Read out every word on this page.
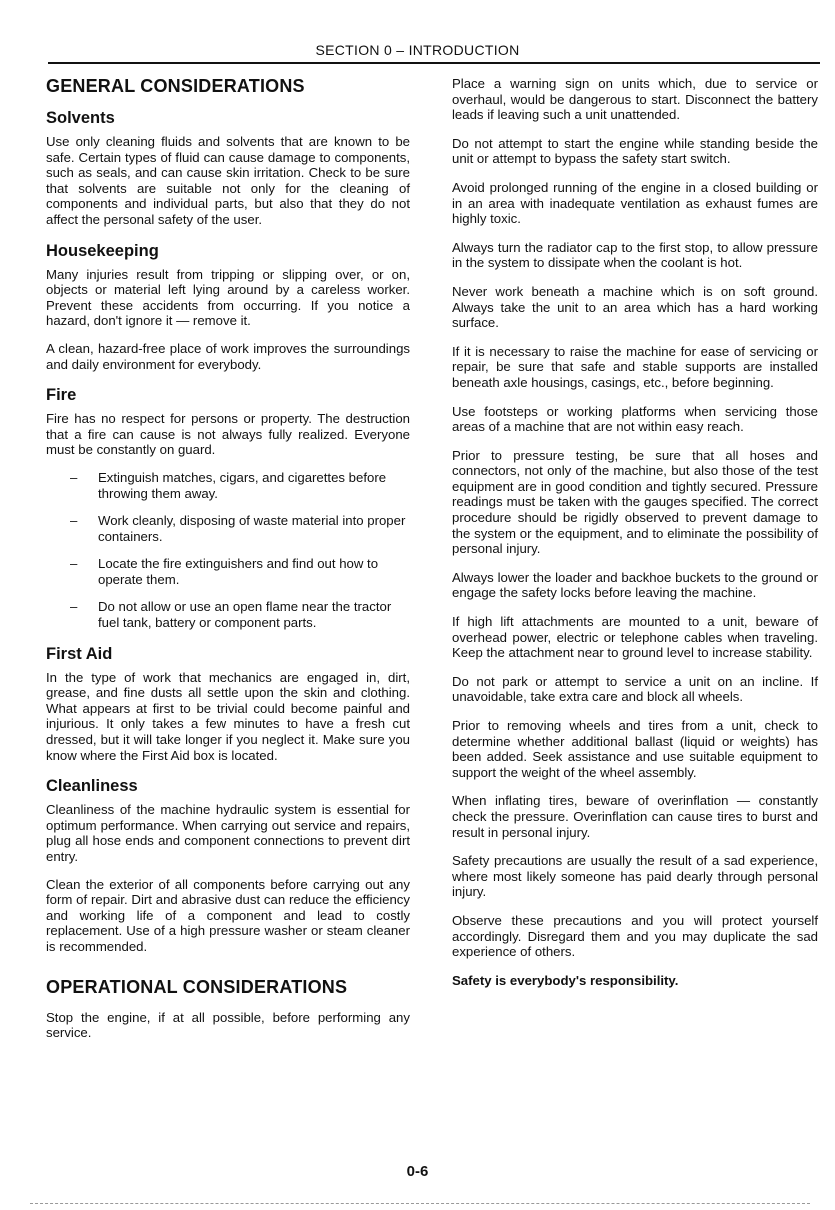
SECTION 0 – INTRODUCTION
GENERAL CONSIDERATIONS
Solvents

Use only cleaning fluids and solvents that are known to be safe. Certain types of fluid can cause damage to components, such as seals, and can cause skin irritation. Check to be sure that solvents are suitable not only for the cleaning of components and individual parts, but also that they do not affect the personal safety of the user.

Housekeeping

Many injuries result from tripping or slipping over, or on, objects or material left lying around by a careless worker. Prevent these accidents from occurring. If you notice a hazard, don't ignore it — remove it.

A clean, hazard-free place of work improves the surroundings and daily environment for everybody.

Fire

Fire has no respect for persons or property. The destruction that a fire can cause is not always fully realized. Everyone must be constantly on guard.

– Extinguish matches, cigars, and cigarettes before throwing them away.
– Work cleanly, disposing of waste material into proper containers.
– Locate the fire extinguishers and find out how to operate them.
– Do not allow or use an open flame near the tractor fuel tank, battery or component parts.
First Aid

In the type of work that mechanics are engaged in, dirt, grease, and fine dusts all settle upon the skin and clothing. What appears at first to be trivial could become painful and injurious. It only takes a few minutes to have a fresh cut dressed, but it will take longer if you neglect it. Make sure you know where the First Aid box is located.

Cleanliness

Cleanliness of the machine hydraulic system is essential for optimum performance. When carrying out service and repairs, plug all hose ends and component connections to prevent dirt entry.

Clean the exterior of all components before carrying out any form of repair. Dirt and abrasive dust can reduce the efficiency and working life of a component and lead to costly replacement. Use of a high pressure washer or steam cleaner is recommended.

OPERATIONAL CONSIDERATIONS

Stop the engine, if at all possible, before performing any service.

Place a warning sign on units which, due to service or overhaul, would be dangerous to start. Disconnect the battery leads if leaving such a unit unattended.

Do not attempt to start the engine while standing beside the unit or attempt to bypass the safety start switch.

Avoid prolonged running of the engine in a closed building or in an area with inadequate ventilation as exhaust fumes are highly toxic.

Always turn the radiator cap to the first stop, to allow pressure in the system to dissipate when the coolant is hot.

Never work beneath a machine which is on soft ground. Always take the unit to an area which has a hard working surface.

If it is necessary to raise the machine for ease of servicing or repair, be sure that safe and stable supports are installed beneath axle housings, casings, etc., before beginning.

Use footsteps or working platforms when servicing those areas of a machine that are not within easy reach.

Prior to pressure testing, be sure that all hoses and connectors, not only of the machine, but also those of the test equipment are in good condition and tightly secured. Pressure readings must be taken with the gauges specified. The correct procedure should be rigidly observed to prevent damage to the system or the equipment, and to eliminate the possibility of personal injury.

Always lower the loader and backhoe buckets to the ground or engage the safety locks before leaving the machine.

If high lift attachments are mounted to a unit, beware of overhead power, electric or telephone cables when traveling. Keep the attachment near to ground level to increase stability.

Do not park or attempt to service a unit on an incline. If unavoidable, take extra care and block all wheels.

Prior to removing wheels and tires from a unit, check to determine whether additional ballast (liquid or weights) has been added. Seek assistance and use suitable equipment to support the weight of the wheel assembly.

When inflating tires, beware of overinflation — constantly check the pressure. Overinflation can cause tires to burst and result in personal injury.

Safety precautions are usually the result of a sad experience, where most likely someone has paid dearly through personal injury.

Observe these precautions and you will protect yourself accordingly. Disregard them and you may duplicate the sad experience of others.

Safety is everybody's responsibility.

0-6
